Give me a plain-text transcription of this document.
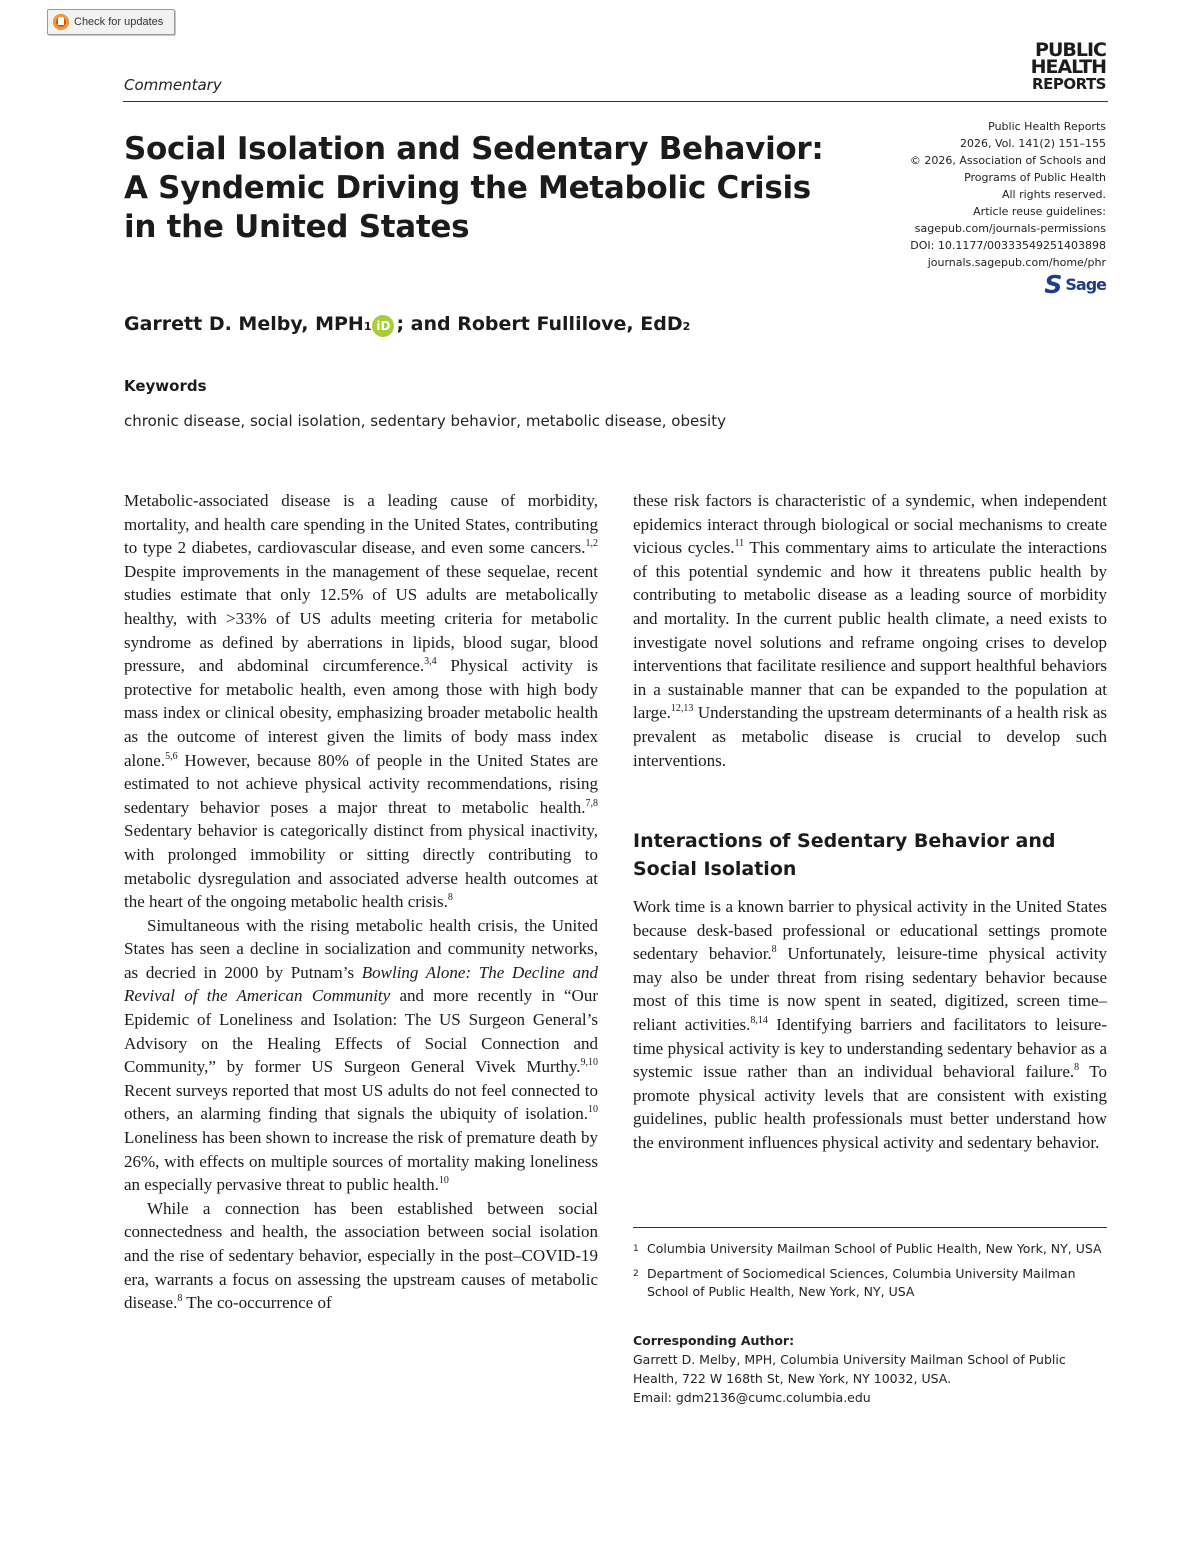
Check for updates
Commentary
PUBLIC
HEALTH
REPORTS
Social Isolation and Sedentary Behavior: A Syndemic Driving the Metabolic Crisis in the United States
Public Health Reports
2026, Vol. 141(2) 151–155
© 2026, Association of Schools and
Programs of Public Health
All rights reserved.
Article reuse guidelines:
sagepub.com/journals-permissions
DOI: 10.1177/00333549251403898
journals.sagepub.com/home/phr
S Sage
Garrett D. Melby, MPH 1 iD ; and Robert Fullilove, EdD 2
Keywords
chronic disease, social isolation, sedentary behavior, metabolic disease, obesity

Metabolic-associated disease is a leading cause of morbidity, mortality, and health care spending in the United States, contributing to type 2 diabetes, cardiovascular disease, and even some cancers.$^{1,2}$ Despite improvements in the management of these sequelae, recent studies estimate that only 12.5% of US adults are metabolically healthy, with >33% of US adults meeting criteria for metabolic syndrome as defined by aberrations in lipids, blood sugar, blood pressure, and abdominal circumference.$^{3,4}$ Physical activity is protective for metabolic health, even among those with high body mass index or clinical obesity, emphasizing broader metabolic health as the outcome of interest given the limits of body mass index alone.$^{5,6}$ However, because 80% of people in the United States are estimated to not achieve physical activity recommendations, rising sedentary behavior poses a major threat to metabolic health.$^{7,8}$ Sedentary behavior is categorically distinct from physical inactivity, with prolonged immobility or sitting directly contributing to metabolic dysregulation and associated adverse health outcomes at the heart of the ongoing metabolic health crisis.$^8$

Simultaneous with the rising metabolic health crisis, the United States has seen a decline in socialization and community networks, as decried in 2000 by Putnam’s Bowling Alone: The Decline and Revival of the American Community and more recently in “Our Epidemic of Loneliness and Isolation: The US Surgeon General’s Advisory on the Healing Effects of Social Connection and Community,” by former US Surgeon General Vivek Murthy.$^{9,10}$ Recent surveys reported that most US adults do not feel connected to others, an alarming finding that signals the ubiquity of isolation.$^{10}$ Loneliness has been shown to increase the risk of premature death by 26%, with effects on multiple sources of mortality making loneliness an especially pervasive threat to public health.$^{10}$

While a connection has been established between social connectedness and health, the association between social isolation and the rise of sedentary behavior, especially in the post–COVID-19 era, warrants a focus on assessing the upstream causes of metabolic disease.$^8$ The co-occurrence of

these risk factors is characteristic of a syndemic, when independent epidemics interact through biological or social mechanisms to create vicious cycles.$^{11}$ This commentary aims to articulate the interactions of this potential syndemic and how it threatens public health by contributing to metabolic disease as a leading source of morbidity and mortality. In the current public health climate, a need exists to investigate novel solutions and reframe ongoing crises to develop interventions that facilitate resilience and support healthful behaviors in a sustainable manner that can be expanded to the population at large.$^{12,13}$ Understanding the upstream determinants of a health risk as prevalent as metabolic disease is crucial to develop such interventions.

Interactions of Sedentary Behavior and Social Isolation

Work time is a known barrier to physical activity in the United States because desk-based professional or educational settings promote sedentary behavior.$^8$ Unfortunately, leisure-time physical activity may also be under threat from rising sedentary behavior because most of this time is now spent in seated, digitized, screen time–reliant activities.$^{8,14}$ Identifying barriers and facilitators to leisure-time physical activity is key to understanding sedentary behavior as a systemic issue rather than an individual behavioral failure.$^8$ To promote physical activity levels that are consistent with existing guidelines, public health professionals must better understand how the environment influences physical activity and sedentary behavior.

1 Columbia University Mailman School of Public Health, New York, NY, USA
2 Department of Sociomedical Sciences, Columbia University Mailman School of Public Health, New York, NY, USA
Corresponding Author:
Garrett D. Melby, MPH, Columbia University Mailman School of Public Health, 722 W 168th St, New York, NY 10032, USA.
Email: gdm2136@cumc.columbia.edu
